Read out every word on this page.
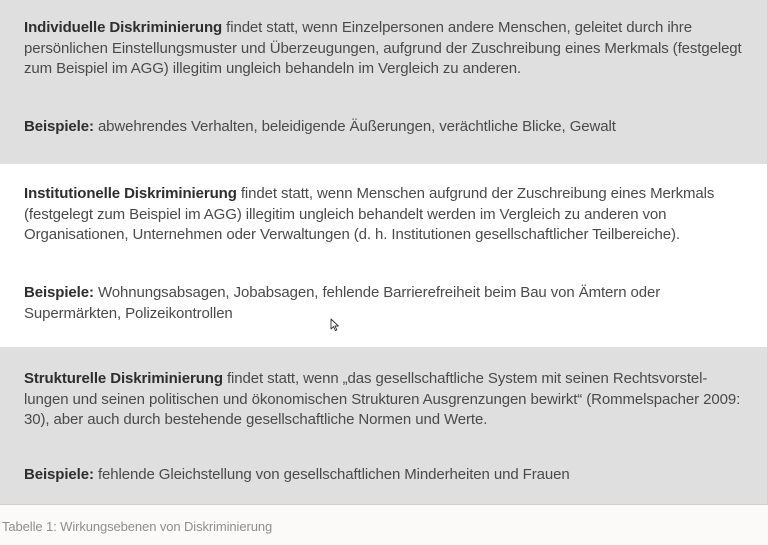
Individuelle Diskriminierung findet statt, wenn Einzelpersonen andere Menschen, geleitet durch ihre persönlichen Einstellungsmuster und Überzeugungen, aufgrund der Zuschreibung eines Merkmals (festgelegt zum Beispiel im AGG) illegitim ungleich behandeln im Vergleich zu anderen.
Beispiele: abwehrendes Verhalten, beleidigende Äußerungen, verächtliche Blicke, Gewalt
Institutionelle Diskriminierung findet statt, wenn Menschen aufgrund der Zuschreibung eines Merkmals (festgelegt zum Beispiel im AGG) illegitim ungleich behandelt werden im Vergleich zu anderen von Organisationen, Unternehmen oder Verwaltungen (d. h. Institutionen gesellschaftlicher Teilbereiche).
Beispiele: Wohnungsabsagen, Jobabsagen, fehlende Barrierefreiheit beim Bau von Ämtern oder Supermärkten, Polizeikontrollen
Strukturelle Diskriminierung findet statt, wenn „das gesellschaftliche System mit seinen Rechtsvorstellungen und seinen politischen und ökonomischen Strukturen Ausgrenzungen bewirkt“ (Rommelspacher 2009: 30), aber auch durch bestehende gesellschaftliche Normen und Werte.
Beispiele: fehlende Gleichstellung von gesellschaftlichen Minderheiten und Frauen
Tabelle 1: Wirkungsebenen von Diskriminierung
